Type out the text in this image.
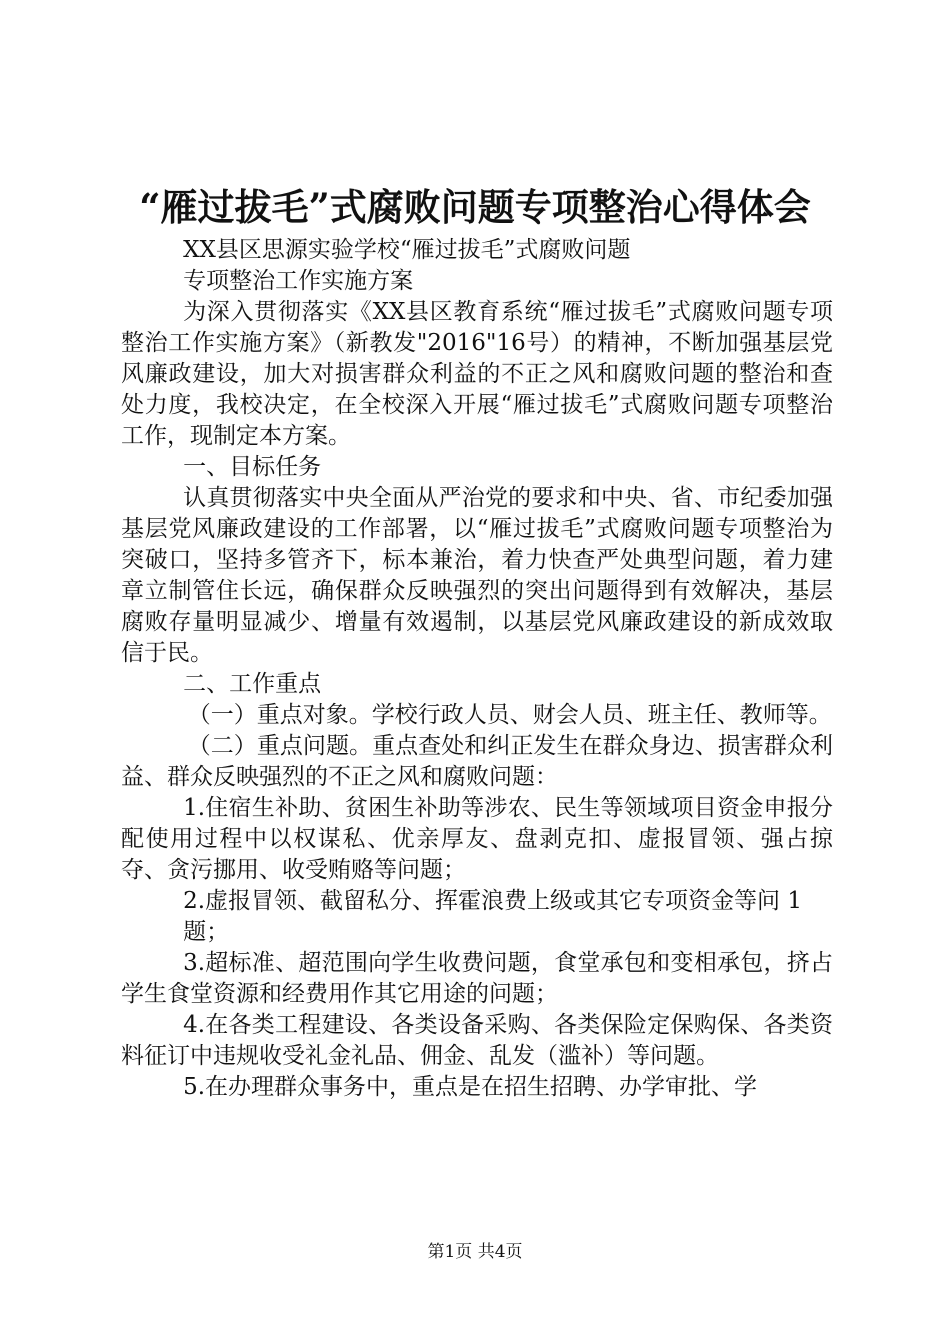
“雁过拔毛”式腐败问题专项整治心得体会

XX县区思源实验学校“雁过拔毛”式腐败问题

专项整治工作实施方案

为深入贯彻落实《XX县区教育系统“雁过拔毛”式腐败问题专项整治工作实施方案》（新教发"2016"16号）的精神，不断加强基层党风廉政建设，加大对损害群众利益的不正之风和腐败问题的整治和查处力度，我校决定，在全校深入开展“雁过拔毛”式腐败问题专项整治工作，现制定本方案。

一、目标任务

认真贯彻落实中央全面从严治党的要求和中央、省、市纪委加强基层党风廉政建设的工作部署，以“雁过拔毛”式腐败问题专项整治为突破口，坚持多管齐下，标本兼治，着力快查严处典型问题，着力建章立制管住长远，确保群众反映强烈的突出问题得到有效解决，基层腐败存量明显减少、增量有效遏制，以基层党风廉政建设的新成效取信于民。

二、工作重点

（一）重点对象。学校行政人员、财会人员、班主任、教师等。

（二）重点问题。重点查处和纠正发生在群众身边、损害群众利益、群众反映强烈的不正之风和腐败问题：

1.住宿生补助、贫困生补助等涉农、民生等领域项目资金申报分配使用过程中以权谋私、优亲厚友、盘剥克扣、虚报冒领、强占掠夺、贪污挪用、收受贿赂等问题；

2.虚报冒领、截留私分、挥霍浪费上级或其它专项资金等问 1

题；

3.超标准、超范围向学生收费问题，食堂承包和变相承包，挤占学生食堂资源和经费用作其它用途的问题；

4.在各类工程建设、各类设备采购、各类保险定保购保、各类资料征订中违规收受礼金礼品、佣金、乱发（滥补）等问题。

5.在办理群众事务中，重点是在招生招聘、办学审批、学

第1页 共4页
